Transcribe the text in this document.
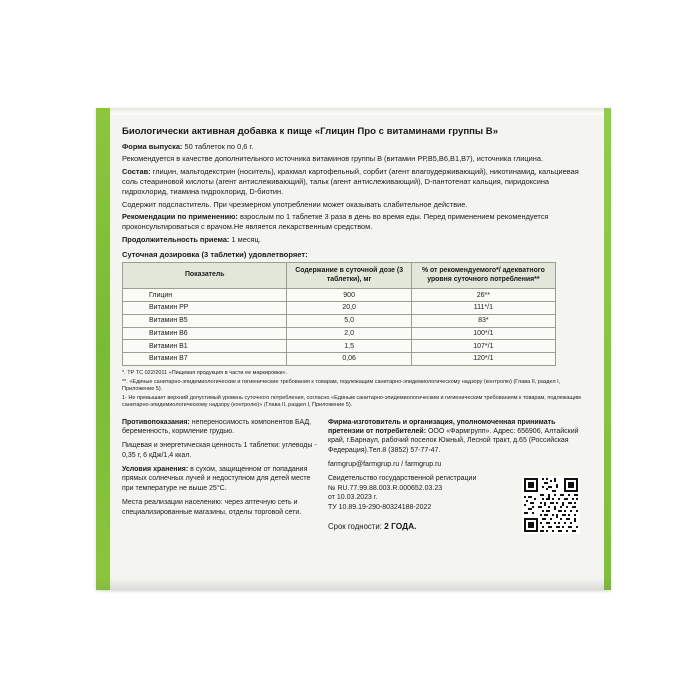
Биологически активная добавка к пище «Глицин Про с витаминами группы В»
Форма выпуска: 50 таблеток по 0,6 г.
Рекомендуется в качестве дополнительного источника витаминов группы В (витамин РР,В5,В6,В1,В7), источника глицина.
Состав: глицин, мальтодекстрин (носитель), крахмал картофельный, сорбит (агент влагоудерживающий), никотинамид, кальциевая соль стеариновой кислоты (агент антислеживающий), тальк (агент антислеживающий), D-пантотенат кальция, пиридоксина гидрохлорид, тиамина гидрохлорид, D-биотин.
Содержит подсластитель. При чрезмерном употреблении может оказывать слабительное действие.
Рекомендации по применению: взрослым по 1 таблетке 3 раза в день во время еды. Перед применением рекомендуется проконсультироваться с врачом.Не является лекарственным средством.
Продолжительность приема: 1 месяц.
Суточная дозировка (3 таблетки) удовлетворяет:
Показатель	Содержание в суточной дозе (3 таблетки), мг	% от рекомендуемого*/ адекватного уровня суточного потребления**
Глицин	900	26**
Витамин РР	20,0	111*/1
Витамин В5	5,0	83*
Витамин В6	2,0	100*/1
Витамин В1	1,5	107*/1
Витамин В7	0,06	120*/1
*. ТР ТС 022/2011 «Пищевая продукция в части ее маркировки».
**. «Единые санитарно-эпидемиологические и гигиенические требования к товарам, подлежащим санитарно-эпидемиологическому надзору (контролю) (Глава II, раздел I, Приложение 5).
1- Не превышает верхний допустимый уровень суточного потребления, согласно «Единым санитарно-эпидемиологическим и гигиеническим требованиям к товарам, подлежащим санитарно-эпидемиологическому надзору (контролю)» (Глава II, раздел I, Приложение 5).

Противопоказания: непереносимость компонентов БАД, беременность, кормление грудью.

Пищевая и энергетическая ценность 1 таблетки: углеводы - 0,35 г, 6 кДж/1,4 ккал.

Условия хранения: в сухом, защищенном от попадания прямых солнечных лучей и недоступном для детей месте при температуре не выше 25°С.

Места реализации населению: через аптечную сеть и специализированные магазины, отделы торговой сети.

Фирма-изготовитель и организация, уполномоченная принимать претензии от потребителей: ООО «Фармгрупп». Адрес: 656906, Алтайский край, г.Барнаул, рабочий поселок Южный, Лесной тракт, д.65 (Российская Федерация).Тел.8 (3852) 57-77-47.

farmgrup@farmgrup.ru / farmgrup.ru

Свидетельство государственной регистрации

№ RU.77.99.88.003.R.000652.03.23

от 10.03.2023 г.

ТУ 10.89.19-290-80324188-2022

Срок годности: 2 ГОДА.
